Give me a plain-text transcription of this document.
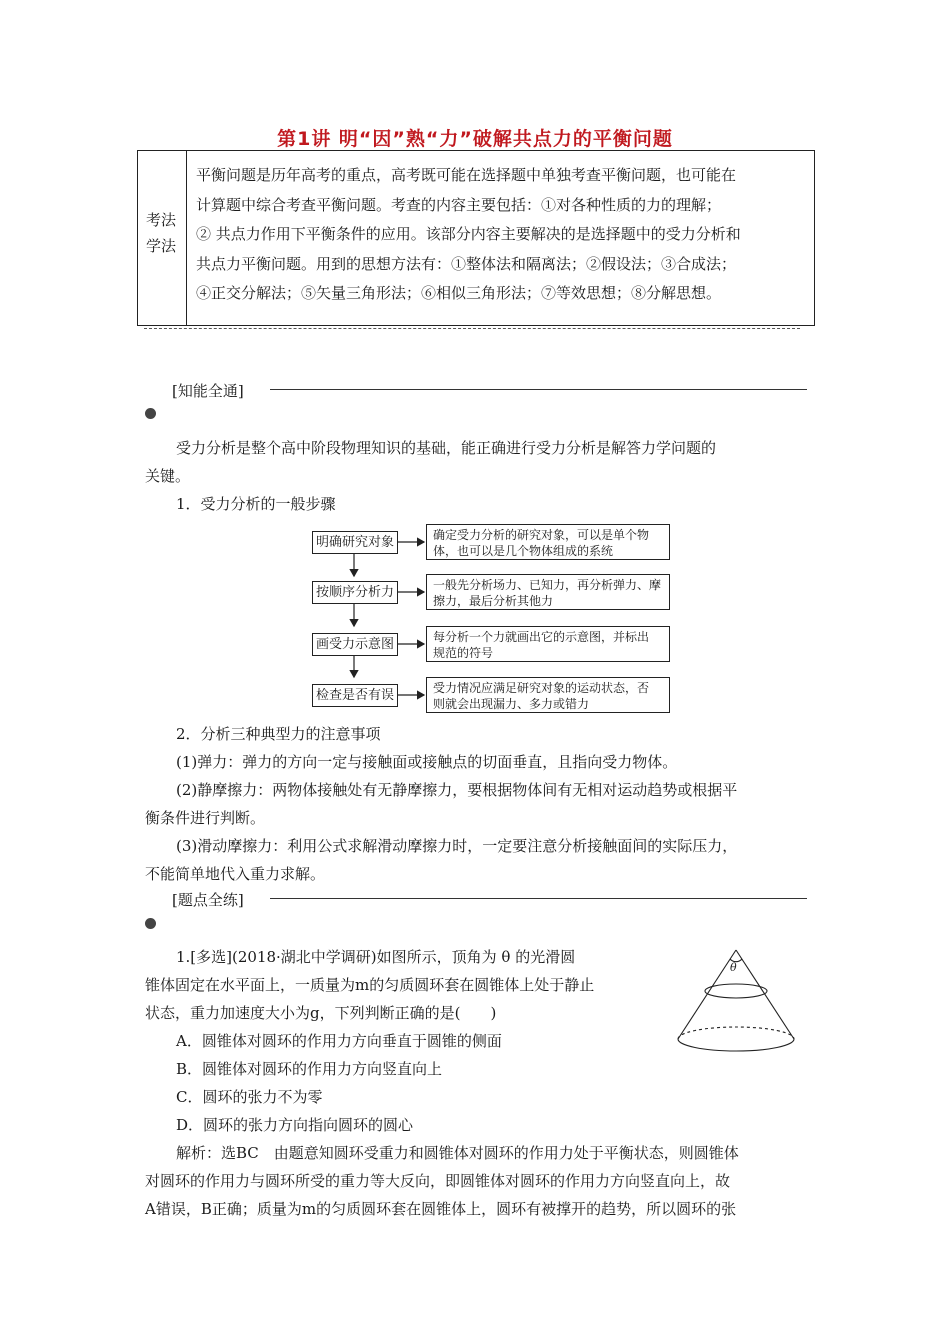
第1讲 明“因”熟“力”破解共点力的平衡问题
考法
学法
平衡问题是历年高考的重点，高考既可能在选择题中单独考查平衡问题，也可能在
计算题中综合考查平衡问题。考查的内容主要包括：①对各种性质的力的理解；
② 共点力作用下平衡条件的应用。该部分内容主要解决的是选择题中的受力分析和
共点力平衡问题。用到的思想方法有：①整体法和隔离法；②假设法；③合成法；
④正交分解法；⑤矢量三角形法；⑥相似三角形法；⑦等效思想；⑧分解思想。
[知能全通]
受力分析是整个高中阶段物理知识的基础，能正确进行受力分析是解答力学问题的
关键。
1．受力分析的一般步骤
明确研究对象	确定受力分析的研究对象，可以是单个物
体，也可以是几个物体组成的系统
按顺序分析力	一般先分析场力、已知力，再分析弹力、摩
擦力，最后分析其他力
画受力示意图	每分析一个力就画出它的示意图，并标出
规范的符号
检查是否有误	受力情况应满足研究对象的运动状态，否
则就会出现漏力、多力或错力
2．分析三种典型力的注意事项
(1)弹力：弹力的方向一定与接触面或接触点的切面垂直，且指向受力物体。
(2)静摩擦力：两物体接触处有无静摩擦力，要根据物体间有无相对运动趋势或根据平
衡条件进行判断。
(3)滑动摩擦力：利用公式求解滑动摩擦力时，一定要注意分析接触面间的实际压力，
不能简单地代入重力求解。
[题点全练]
1.[多选](2018·湖北中学调研)如图所示，顶角为 θ 的光滑圆
锥体固定在水平面上，一质量为m的匀质圆环套在圆锥体上处于静止
状态，重力加速度大小为g，下列判断正确的是(　　)
A．圆锥体对圆环的作用力方向垂直于圆锥的侧面
B．圆锥体对圆环的作用力方向竖直向上
C．圆环的张力不为零
D．圆环的张力方向指向圆环的圆心
θ
解析：选BC　由题意知圆环受重力和圆锥体对圆环的作用力处于平衡状态，则圆锥体
对圆环的作用力与圆环所受的重力等大反向，即圆锥体对圆环的作用力方向竖直向上，故
A错误，B正确；质量为m的匀质圆环套在圆锥体上，圆环有被撑开的趋势，所以圆环的张
